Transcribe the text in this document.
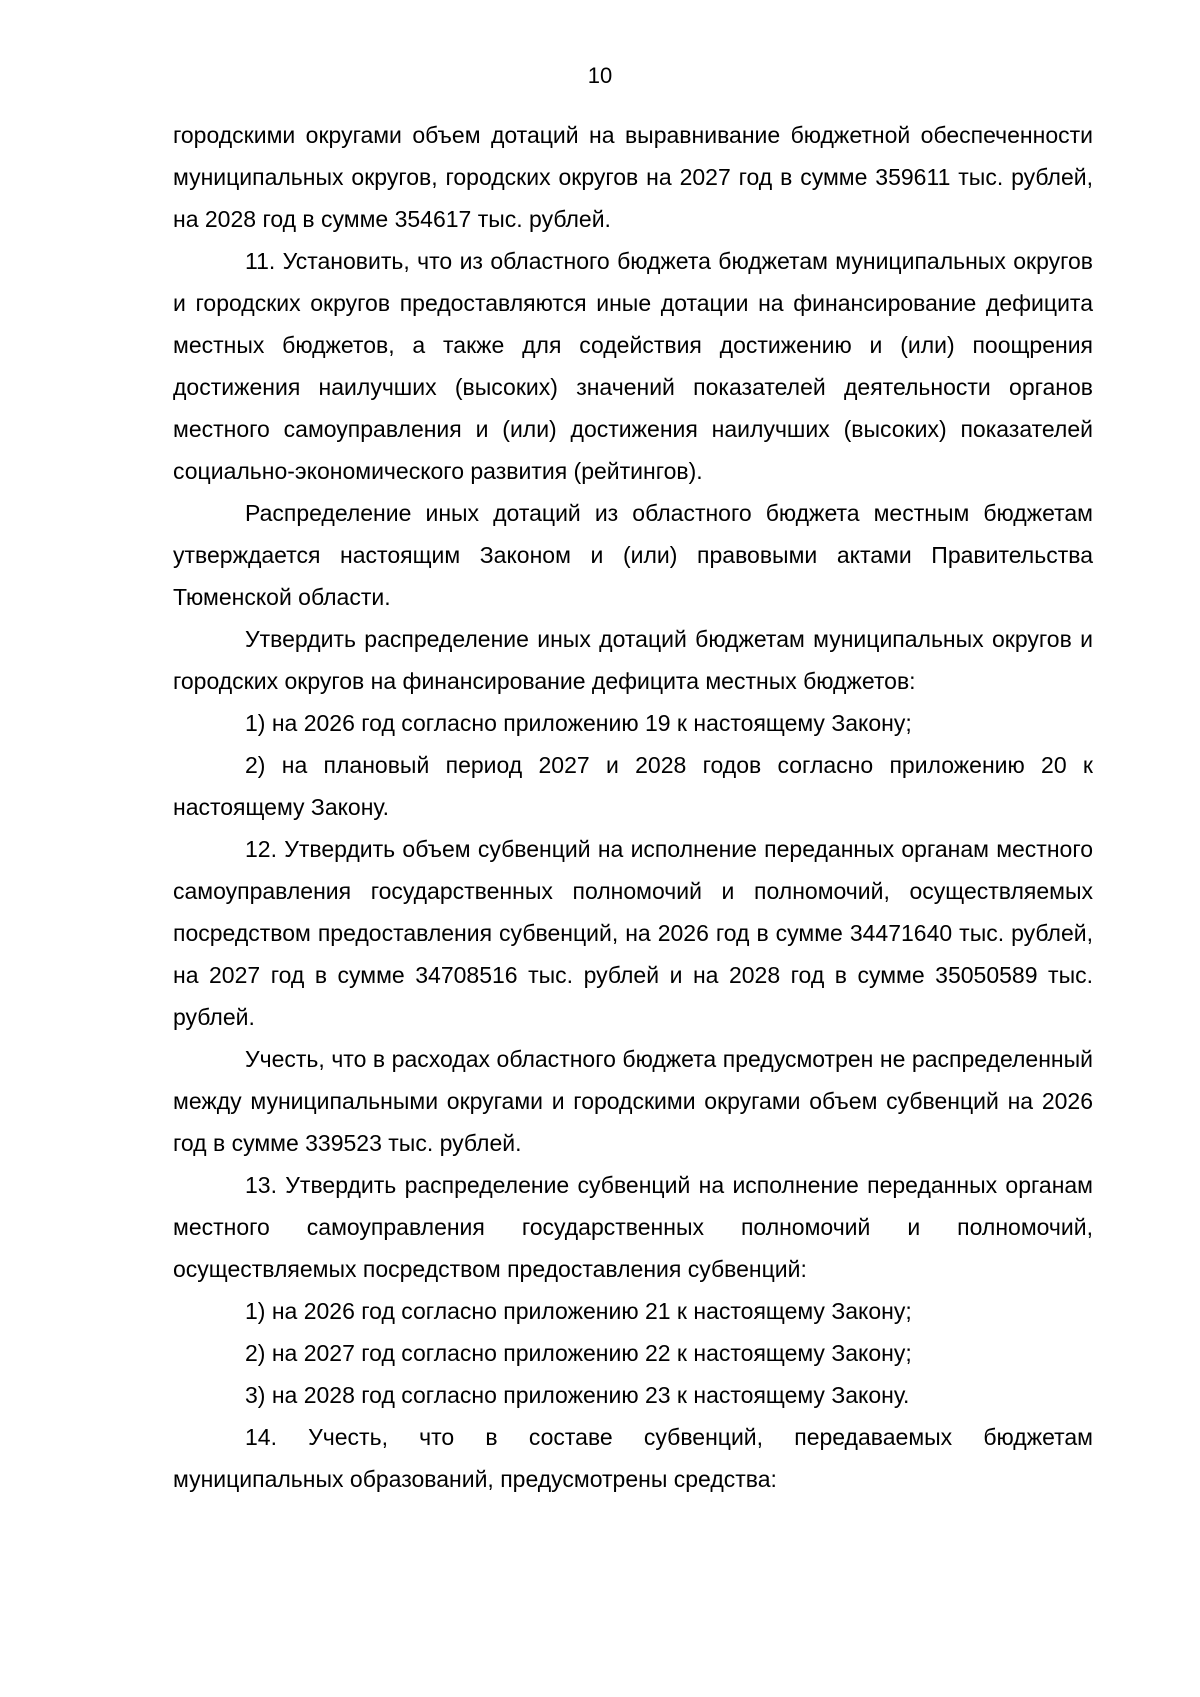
10

городскими округами объем дотаций на выравнивание бюджетной обеспеченности муниципальных округов, городских округов на 2027 год в сумме 359611 тыс. рублей, на 2028 год в сумме 354617 тыс. рублей.

11. Установить, что из областного бюджета бюджетам муниципальных округов и городских округов предоставляются иные дотации на финансирование дефицита местных бюджетов, а также для содействия достижению и (или) поощрения достижения наилучших (высоких) значений показателей деятельности органов местного самоуправления и (или) достижения наилучших (высоких) показателей социально-экономического развития (рейтингов).

Распределение иных дотаций из областного бюджета местным бюджетам утверждается настоящим Законом и (или) правовыми актами Правительства Тюменской области.

Утвердить распределение иных дотаций бюджетам муниципальных округов и городских округов на финансирование дефицита местных бюджетов:

1) на 2026 год согласно приложению 19 к настоящему Закону;

2) на плановый период 2027 и 2028 годов согласно приложению 20 к настоящему Закону.

12. Утвердить объем субвенций на исполнение переданных органам местного самоуправления государственных полномочий и полномочий, осуществляемых посредством предоставления субвенций, на 2026 год в сумме 34471640 тыс. рублей, на 2027 год в сумме 34708516 тыс. рублей и на 2028 год в сумме 35050589 тыс. рублей.

Учесть, что в расходах областного бюджета предусмотрен не распределенный между муниципальными округами и городскими округами объем субвенций на 2026 год в сумме 339523 тыс. рублей.

13. Утвердить распределение субвенций на исполнение переданных органам местного самоуправления государственных полномочий и полномочий, осуществляемых посредством предоставления субвенций:

1) на 2026 год согласно приложению 21 к настоящему Закону;

2) на 2027 год согласно приложению 22 к настоящему Закону;

3) на 2028 год согласно приложению 23 к настоящему Закону.

14. Учесть, что в составе субвенций, передаваемых бюджетам муниципальных образований, предусмотрены средства:
